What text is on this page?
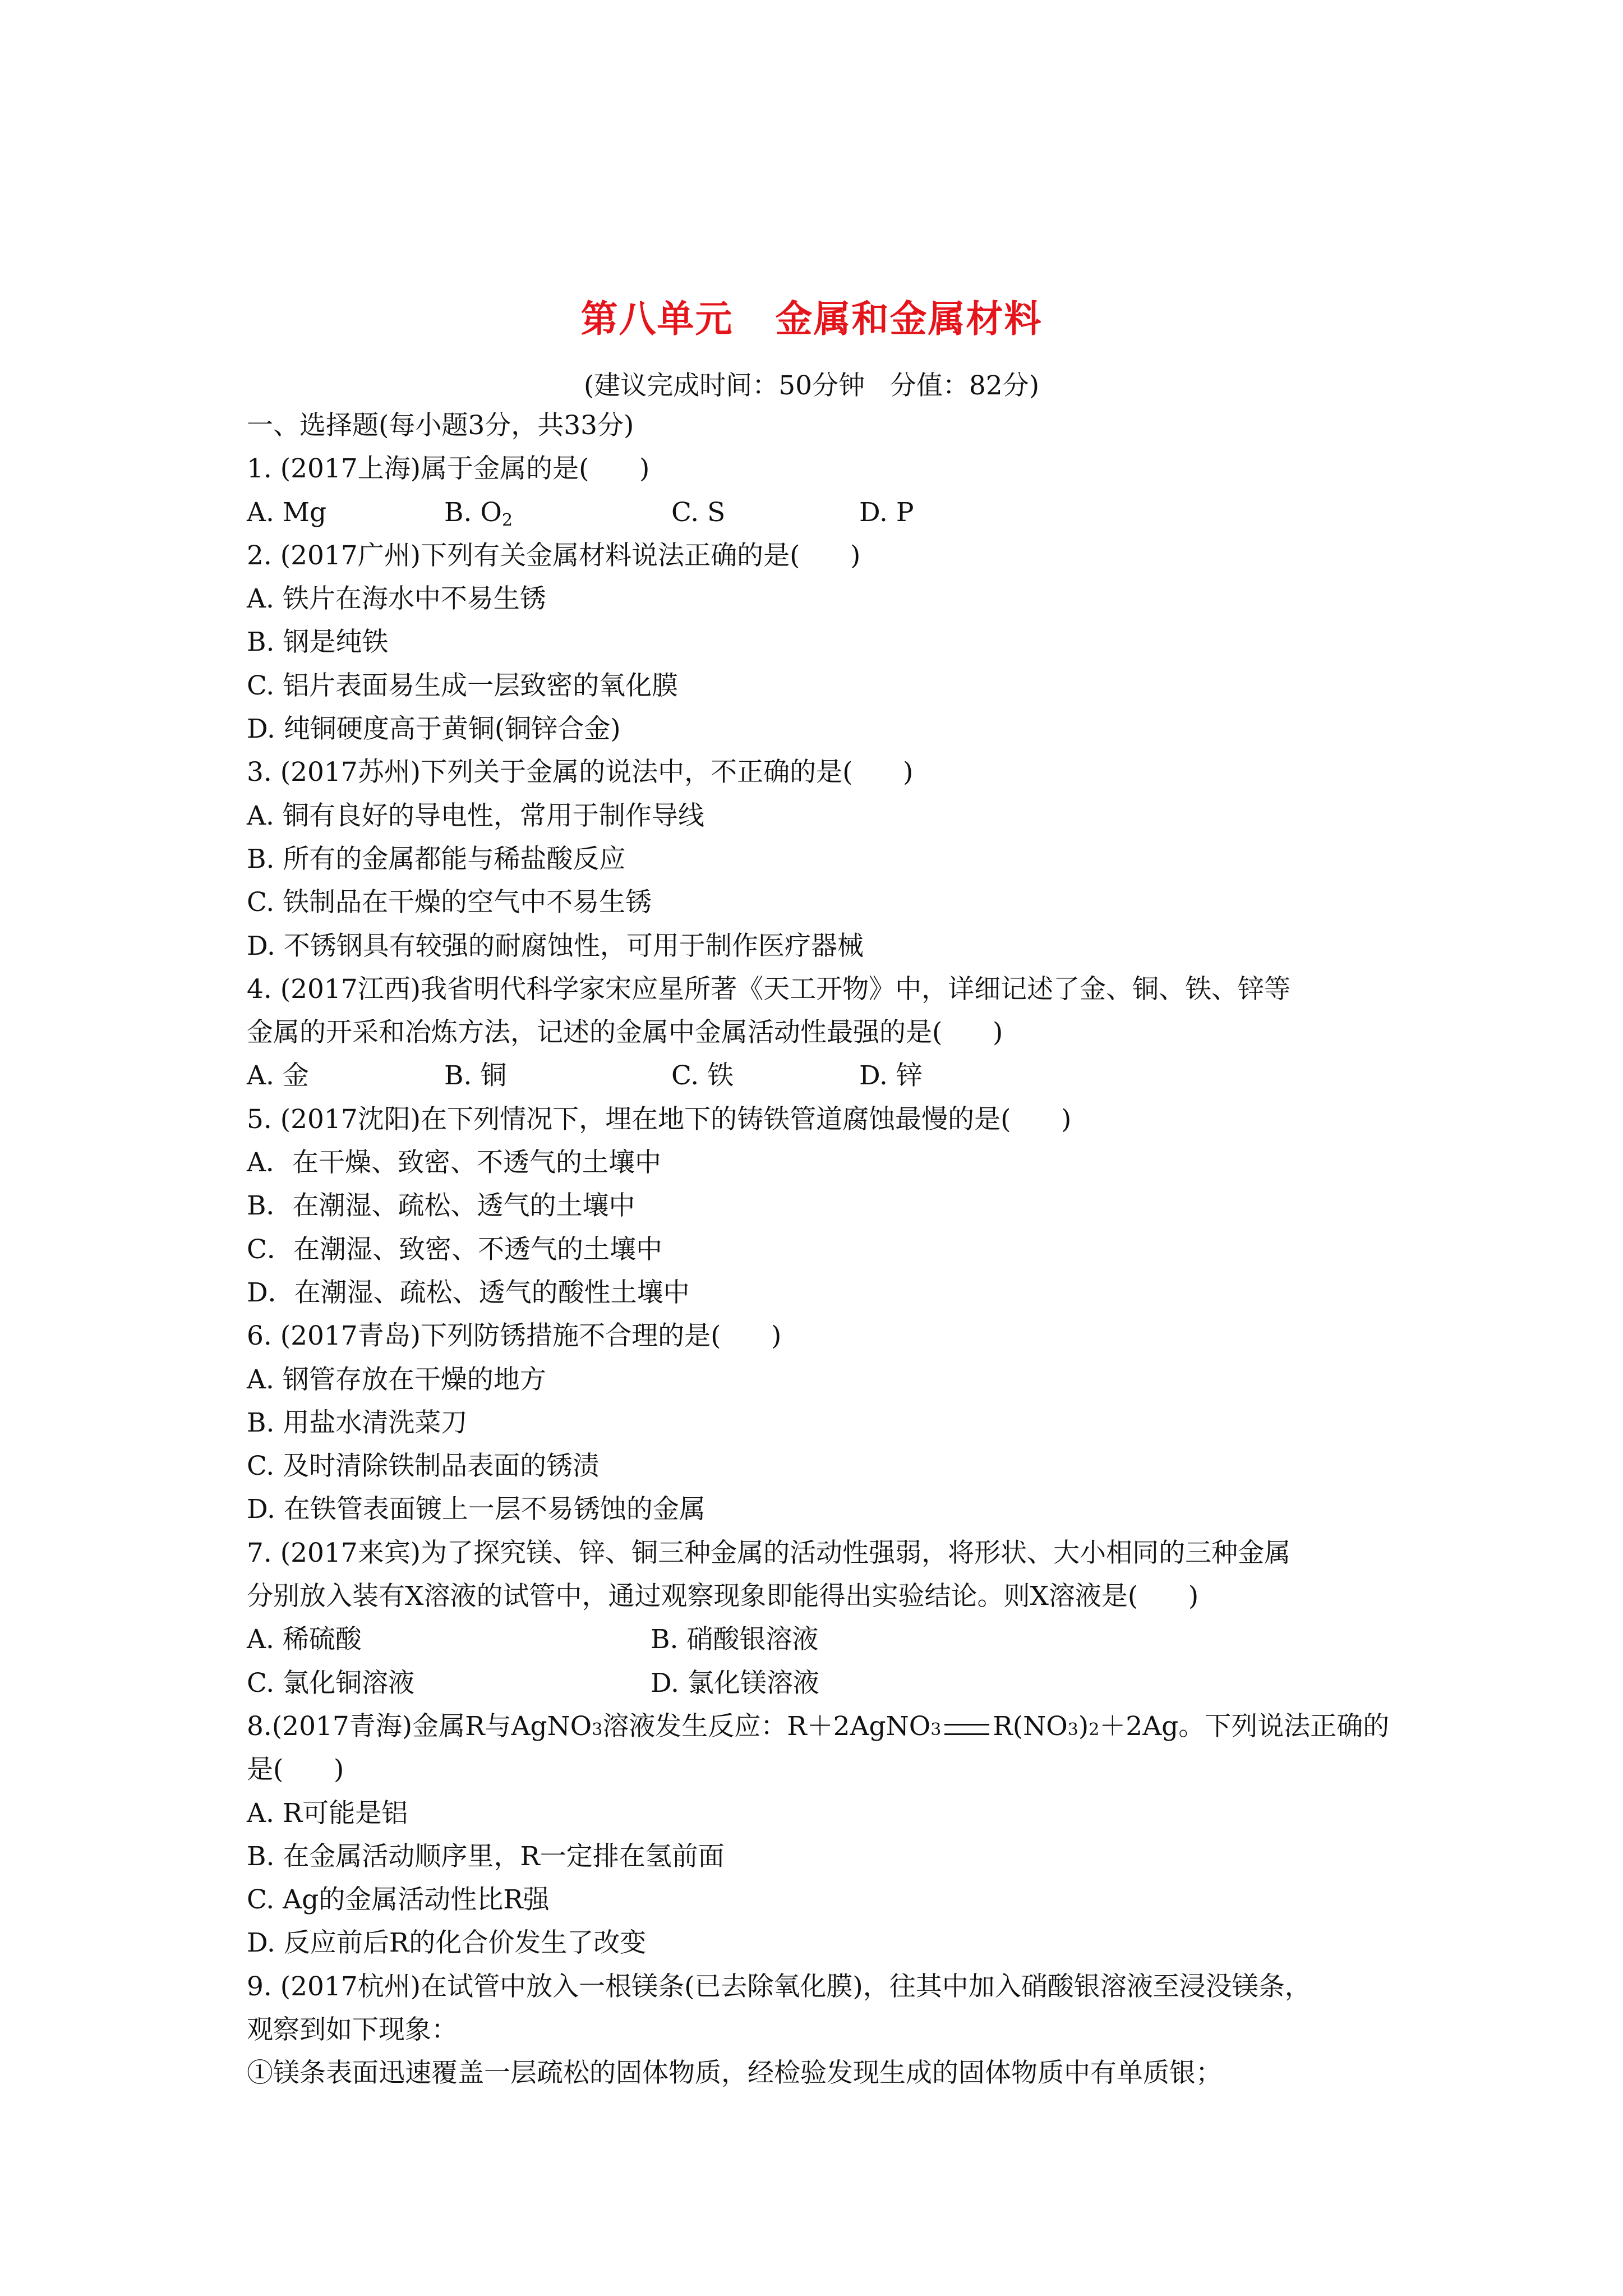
第八单元   金属和金属材料
(建议完成时间：50分钟   分值：82分)
一、选择题(每小题3分，共33分)
1. (2017上海)属于金属的是(      )
A. Mg	B. $O_2$	C. S	D. P
2. (2017广州)下列有关金属材料说法正确的是(      )
A. 铁片在海水中不易生锈
B. 钢是纯铁
C. 铝片表面易生成一层致密的氧化膜
D. 纯铜硬度高于黄铜(铜锌合金)
3. (2017苏州)下列关于金属的说法中，不正确的是(      )
A. 铜有良好的导电性，常用于制作导线
B. 所有的金属都能与稀盐酸反应
C. 铁制品在干燥的空气中不易生锈
D. 不锈钢具有较强的耐腐蚀性，可用于制作医疗器械
4. (2017江西)我省明代科学家宋应星所著《天工开物》中，详细记述了金、铜、铁、锌等
金属的开采和冶炼方法，记述的金属中金属活动性最强的是(      )
A. 金	B. 铜	C. 铁	D. 锌
5. (2017沈阳)在下列情况下，埋在地下的铸铁管道腐蚀最慢的是(      )
A．在干燥、致密、不透气的土壤中
B．在潮湿、疏松、透气的土壤中
C．在潮湿、致密、不透气的土壤中
D．在潮湿、疏松、透气的酸性土壤中
6. (2017青岛)下列防锈措施不合理的是(      )
A. 钢管存放在干燥的地方
B. 用盐水清洗菜刀
C. 及时清除铁制品表面的锈渍
D. 在铁管表面镀上一层不易锈蚀的金属
7. (2017来宾)为了探究镁、锌、铜三种金属的活动性强弱，将形状、大小相同的三种金属
分别放入装有X溶液的试管中，通过观察现象即能得出实验结论。则X溶液是(      )
A. 稀硫酸	B. 硝酸银溶液
C. 氯化铜溶液	D. 氯化镁溶液
8.(2017青海)金属R与AgNO 3 溶液发生反应：R＋2AgNO 3 R(NO 3 ) 2 ＋2Ag。下列说法正确的
是(      )
A. R可能是铝
B. 在金属活动顺序里，R一定排在氢前面
C. Ag的金属活动性比R强
D. 反应前后R的化合价发生了改变
9. (2017杭州)在试管中放入一根镁条(已去除氧化膜)，往其中加入硝酸银溶液至浸没镁条，
观察到如下现象：
①镁条表面迅速覆盖一层疏松的固体物质，经检验发现生成的固体物质中有单质银；
